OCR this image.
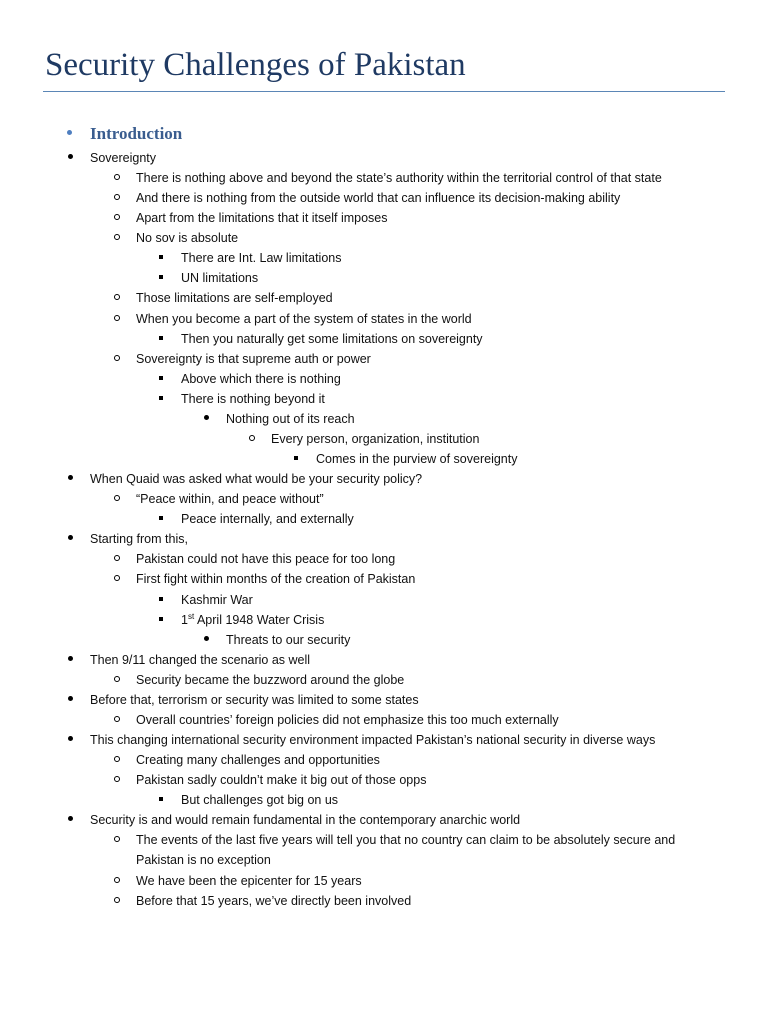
Security Challenges of Pakistan
Introduction
Sovereignty
There is nothing above and beyond the state’s authority within the territorial control of that state
And there is nothing from the outside world that can influence its decision-making ability
Apart from the limitations that it itself imposes
No sov is absolute
There are Int. Law limitations
UN limitations
Those limitations are self-employed
When you become a part of the system of states in the world
Then you naturally get some limitations on sovereignty
Sovereignty is that supreme auth or power
Above which there is nothing
There is nothing beyond it
Nothing out of its reach
Every person, organization, institution
Comes in the purview of sovereignty
When Quaid was asked what would be your security policy?
“Peace within, and peace without”
Peace internally, and externally
Starting from this,
Pakistan could not have this peace for too long
First fight within months of the creation of Pakistan
Kashmir War
1st April 1948 Water Crisis
Threats to our security
Then 9/11 changed the scenario as well
Security became the buzzword around the globe
Before that, terrorism or security was limited to some states
Overall countries’ foreign policies did not emphasize this too much externally
This changing international security environment impacted Pakistan’s national security in diverse ways
Creating many challenges and opportunities
Pakistan sadly couldn’t make it big out of those opps
But challenges got big on us
Security is and would remain fundamental in the contemporary anarchic world
The events of the last five years will tell you that no country can claim to be absolutely secure and
Pakistan is no exception
We have been the epicenter for 15 years
Before that 15 years, we’ve directly been involved
